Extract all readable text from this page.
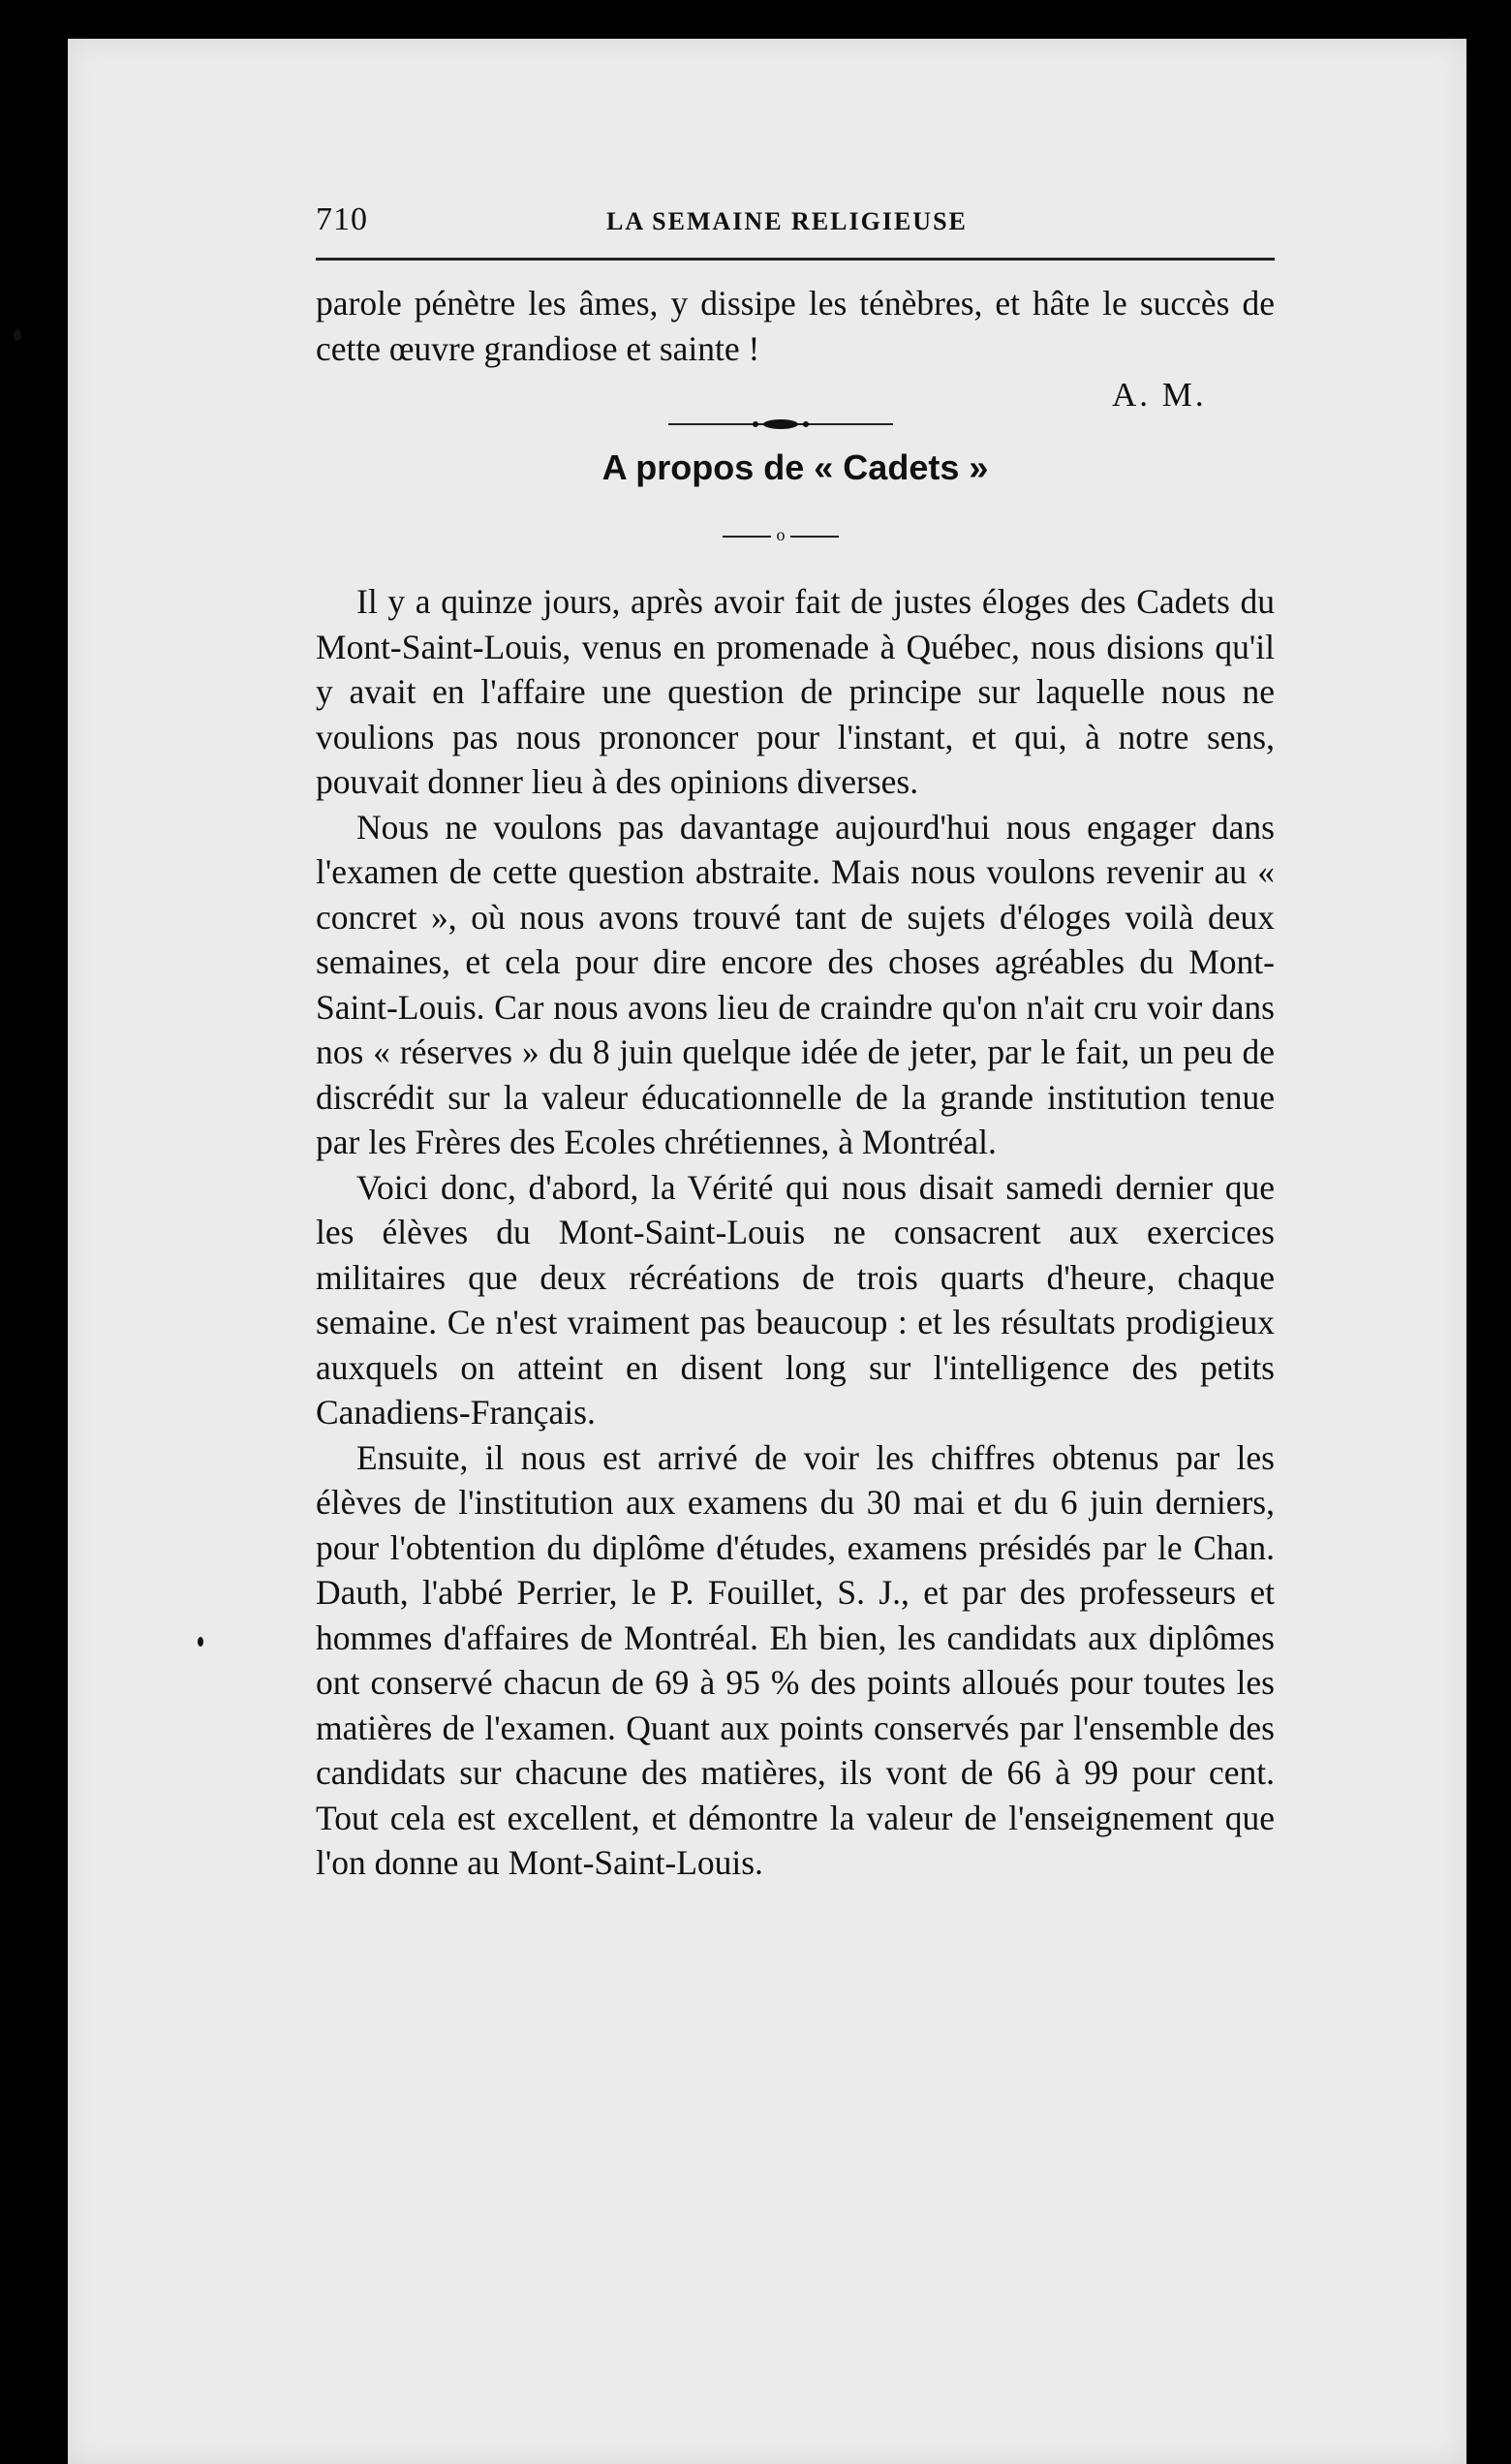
710	LA SEMAINE RELIGIEUSE

parole pénètre les âmes, y dissipe les ténèbres, et hâte le succès de cette œuvre grandiose et sainte !

A. M.
A propos de « Cadets »
o

Il y a quinze jours, après avoir fait de justes éloges des Cadets du Mont-Saint-Louis, venus en promenade à Québec, nous disions qu'il y avait en l'affaire une question de principe sur laquelle nous ne voulions pas nous prononcer pour l'instant, et qui, à notre sens, pouvait donner lieu à des opinions diverses.

Nous ne voulons pas davantage aujourd'hui nous engager dans l'examen de cette question abstraite. Mais nous voulons revenir au « concret », où nous avons trouvé tant de sujets d'éloges voilà deux semaines, et cela pour dire encore des choses agréables du Mont-Saint-Louis. Car nous avons lieu de craindre qu'on n'ait cru voir dans nos « réserves » du 8 juin quelque idée de jeter, par le fait, un peu de discrédit sur la valeur éducationnelle de la grande institution tenue par les Frères des Ecoles chrétiennes, à Montréal.

Voici donc, d'abord, la Vérité qui nous disait samedi dernier que les élèves du Mont-Saint-Louis ne consacrent aux exercices militaires que deux récréations de trois quarts d'heure, chaque semaine. Ce n'est vraiment pas beaucoup : et les résultats prodigieux auxquels on atteint en disent long sur l'intelligence des petits Canadiens-Français.

Ensuite, il nous est arrivé de voir les chiffres obtenus par les élèves de l'institution aux examens du 30 mai et du 6 juin derniers, pour l'obtention du diplôme d'études, examens présidés par le Chan. Dauth, l'abbé Perrier, le P. Fouillet, S. J., et par des professeurs et hommes d'affaires de Montréal. Eh bien, les candidats aux diplômes ont conservé chacun de 69 à 95 % des points alloués pour toutes les matières de l'examen. Quant aux points conservés par l'ensemble des candidats sur chacune des matières, ils vont de 66 à 99 pour cent. Tout cela est excellent, et démontre la valeur de l'enseignement que l'on donne au Mont-Saint-Louis.
